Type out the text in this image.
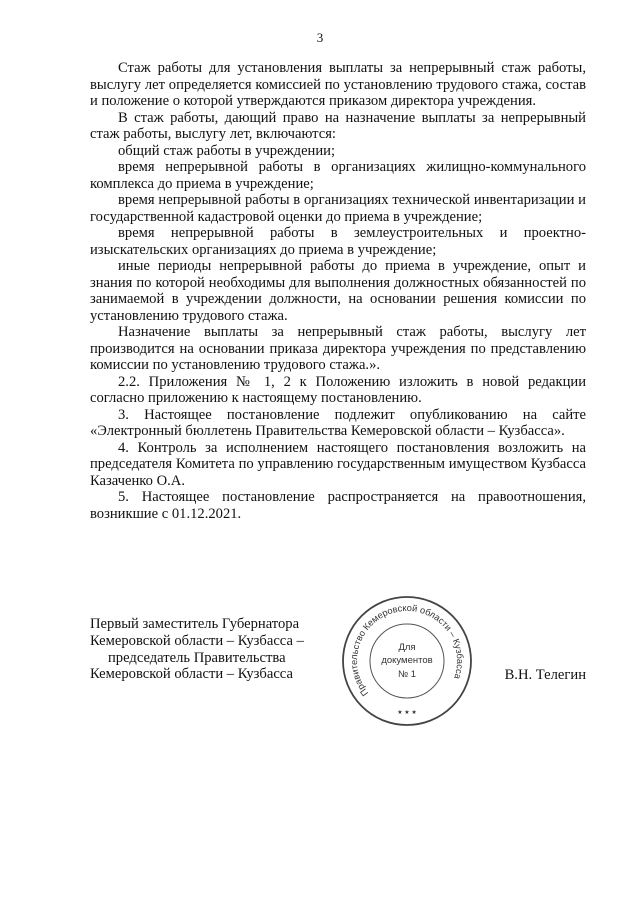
3

Стаж работы для установления выплаты за непрерывный стаж работы, выслугу лет определяется комиссией по установлению трудового стажа, состав и положение о которой утверждаются приказом директора учреждения.

В стаж работы, дающий право на назначение выплаты за непрерывный стаж работы, выслугу лет, включаются:

общий стаж работы в учреждении;

время непрерывной работы в организациях жилищно-коммунального комплекса до приема в учреждение;

время непрерывной работы в организациях технической инвентаризации и государственной кадастровой оценки до приема в учреждение;

время непрерывной работы в землеустроительных и проектно-изыскательских организациях до приема в учреждение;

иные периоды непрерывной работы до приема в учреждение, опыт и знания по которой необходимы для выполнения должностных обязанностей по занимаемой в учреждении должности, на основании решения комиссии по установлению трудового стажа.

Назначение выплаты за непрерывный стаж работы, выслугу лет производится на основании приказа директора учреждения по представлению комиссии по установлению трудового стажа.».

2.2. Приложения № 1, 2 к Положению изложить в новой редакции согласно приложению к настоящему постановлению.

3. Настоящее постановление подлежит опубликованию на сайте «Электронный бюллетень Правительства Кемеровской области – Кузбасса».

4. Контроль за исполнением настоящего постановления возложить на председателя Комитета по управлению государственным имуществом Кузбасса Казаченко О.А.

5. Настоящее постановление распространяется на правоотношения, возникшие с 01.12.2021.

Первый заместитель Губернатора
Кемеровской области – Кузбасса –
председатель Правительства
Кемеровской области – Кузбасса
Правительство Кемеровской области – Кузбасса
★ ★ ★
Для
документов
№ 1	В.Н. Телегин
